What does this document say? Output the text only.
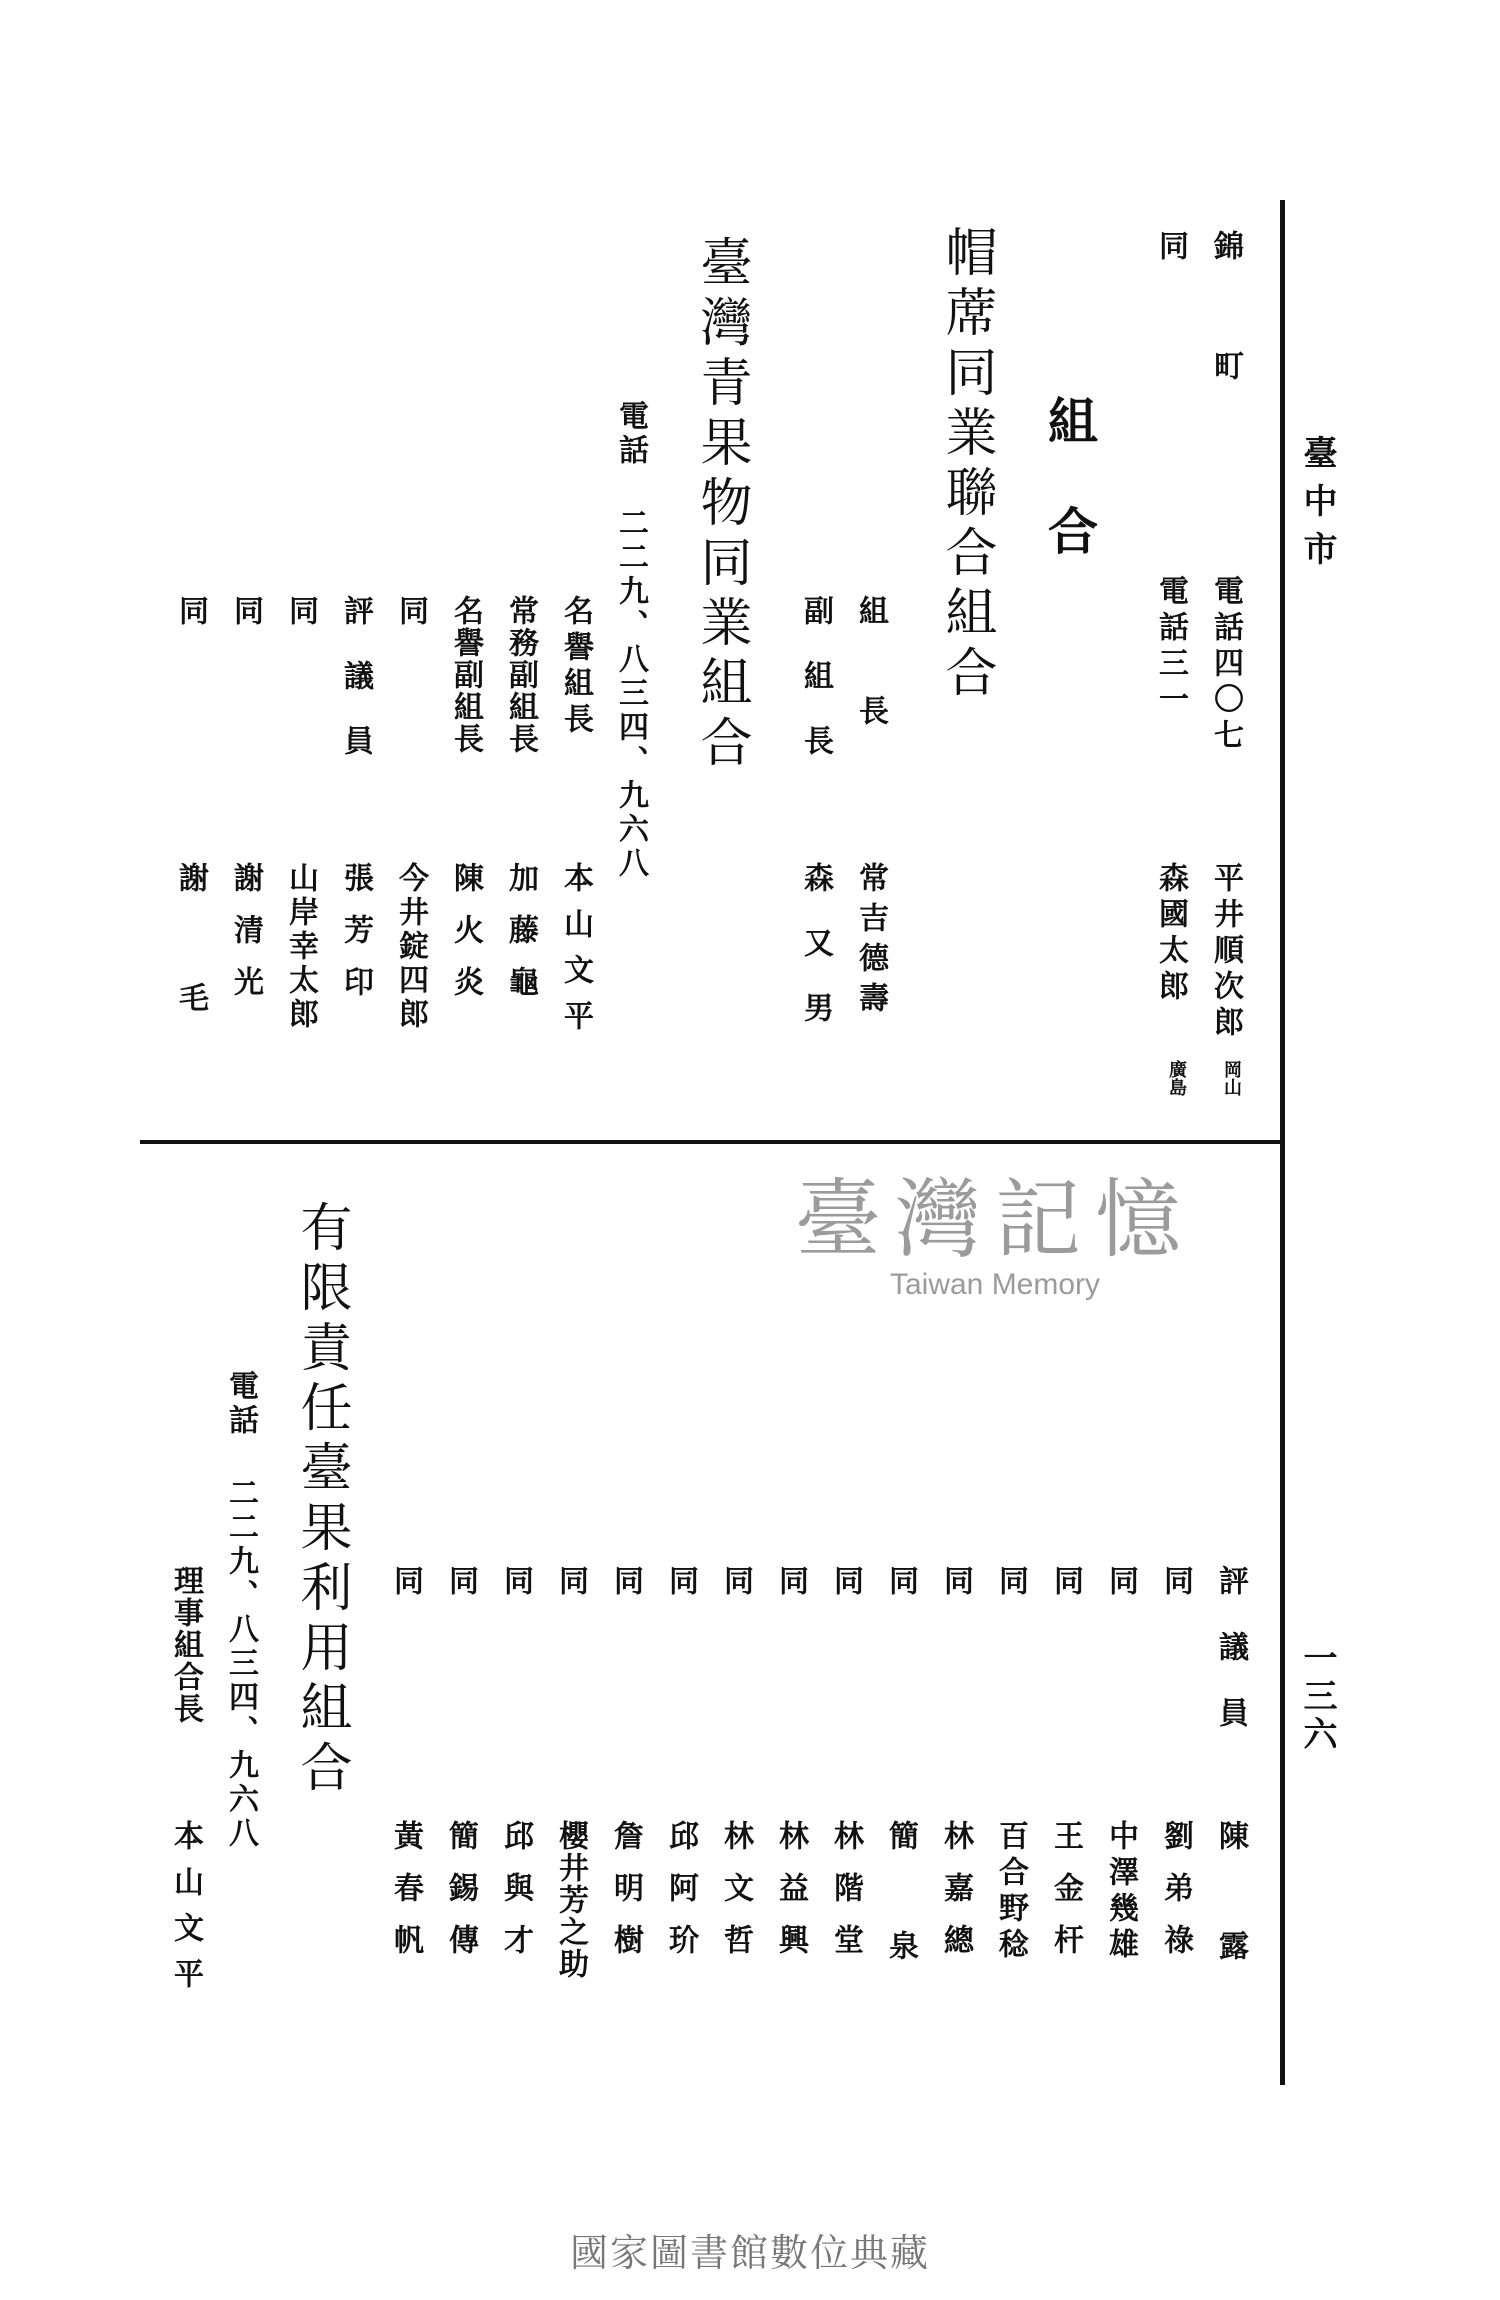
臺中市
一三六
錦町
電話四〇七
平井順次郎
岡山
同
電話三一
森國太郎
廣島
組合
帽蓆同業聯合組合
組長
常吉德壽
副組長
森又男
臺灣青果物同業組合
電話 二二九、八三四、九六八
名譽組長
本山文平
常務副組長
加藤龜
名譽副組長
陳火炎
同
今井錠四郎
評議員
張芳印
同
山岸幸太郎
同
謝清光
同
謝毛
臺灣記憶
Taiwan Memory
評議員
陳露
同
劉弟祿
同
中澤幾雄
同
王金杆
同
百合野稔
同
林嘉總
同
簡泉
同
林階堂
同
林益興
同
林文哲
同
邱阿玠
同
詹明樹
同
櫻井芳之助
同
邱與才
同
簡錫傳
同
黃春帆
有限責任臺果利用組合
電話 二二九、八三四、九六八
理事組合長
本山文平
國家圖書館數位典藏
